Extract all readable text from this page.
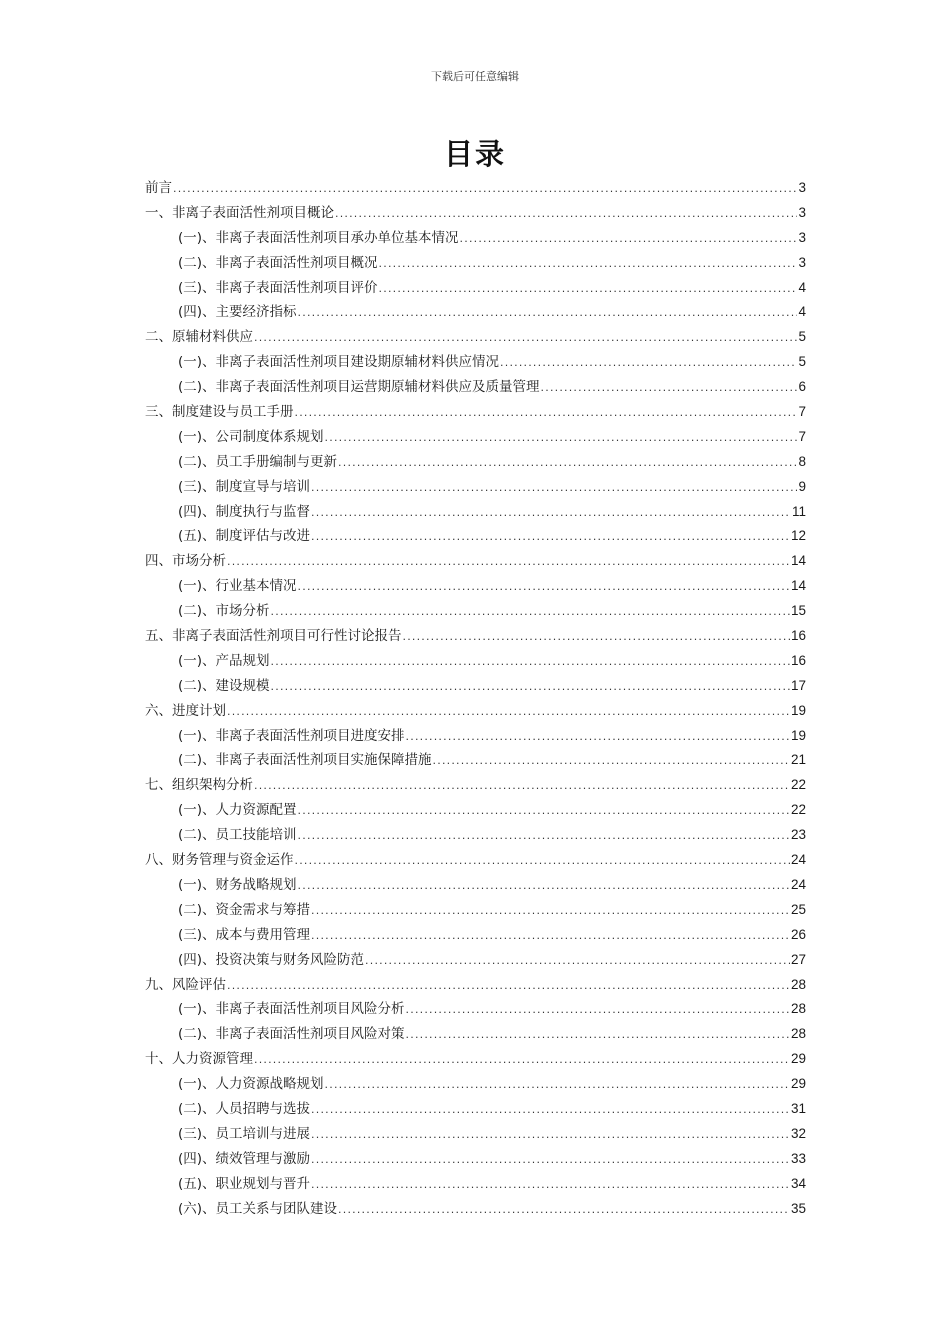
下载后可任意编辑
目录
前言 .....	3
一、非离子表面活性剂项目概论 .....	3
(一)、非离子表面活性剂项目承办单位基本情况 .....	3
(二)、非离子表面活性剂项目概况 .....	3
(三)、非离子表面活性剂项目评价 .....	4
(四)、主要经济指标 .....	4
二、原辅材料供应 .....	5
(一)、非离子表面活性剂项目建设期原辅材料供应情况 .....	5
(二)、非离子表面活性剂项目运营期原辅材料供应及质量管理 .....	6
三、制度建设与员工手册 .....	7
(一)、公司制度体系规划 .....	7
(二)、员工手册编制与更新 .....	8
(三)、制度宣导与培训 .....	9
(四)、制度执行与监督 .....	11
(五)、制度评估与改进 .....	12
四、市场分析 .....	14
(一)、行业基本情况 .....	14
(二)、市场分析 .....	15
五、非离子表面活性剂项目可行性讨论报告 .....	16
(一)、产品规划 .....	16
(二)、建设规模 .....	17
六、进度计划 .....	19
(一)、非离子表面活性剂项目进度安排 .....	19
(二)、非离子表面活性剂项目实施保障措施 .....	21
七、组织架构分析 .....	22
(一)、人力资源配置 .....	22
(二)、员工技能培训 .....	23
八、财务管理与资金运作 .....	24
(一)、财务战略规划 .....	24
(二)、资金需求与筹措 .....	25
(三)、成本与费用管理 .....	26
(四)、投资决策与财务风险防范 .....	27
九、风险评估 .....	28
(一)、非离子表面活性剂项目风险分析 .....	28
(二)、非离子表面活性剂项目风险对策 .....	28
十、人力资源管理 .....	29
(一)、人力资源战略规划 .....	29
(二)、人员招聘与选拔 .....	31
(三)、员工培训与进展 .....	32
(四)、绩效管理与激励 .....	33
(五)、职业规划与晋升 .....	34
(六)、员工关系与团队建设 .....	35
